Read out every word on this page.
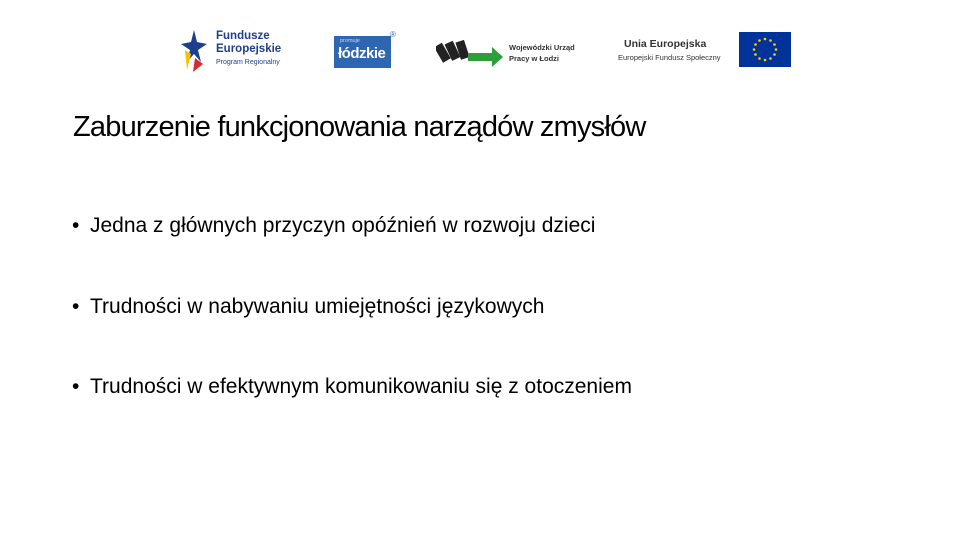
Fundusze
Europejskie
Program Regionalny
promuje
łódzkie
®
Wojewódzki Urząd
Pracy w Łodzi
Unia Europejska
Europejski Fundusz Społeczny
Zaburzenie funkcjonowania narządów zmysłów
• Jedna z głównych przyczyn opóźnień w rozwoju dzieci
• Trudności w nabywaniu umiejętności językowych
• Trudności w efektywnym komunikowaniu się z otoczeniem
